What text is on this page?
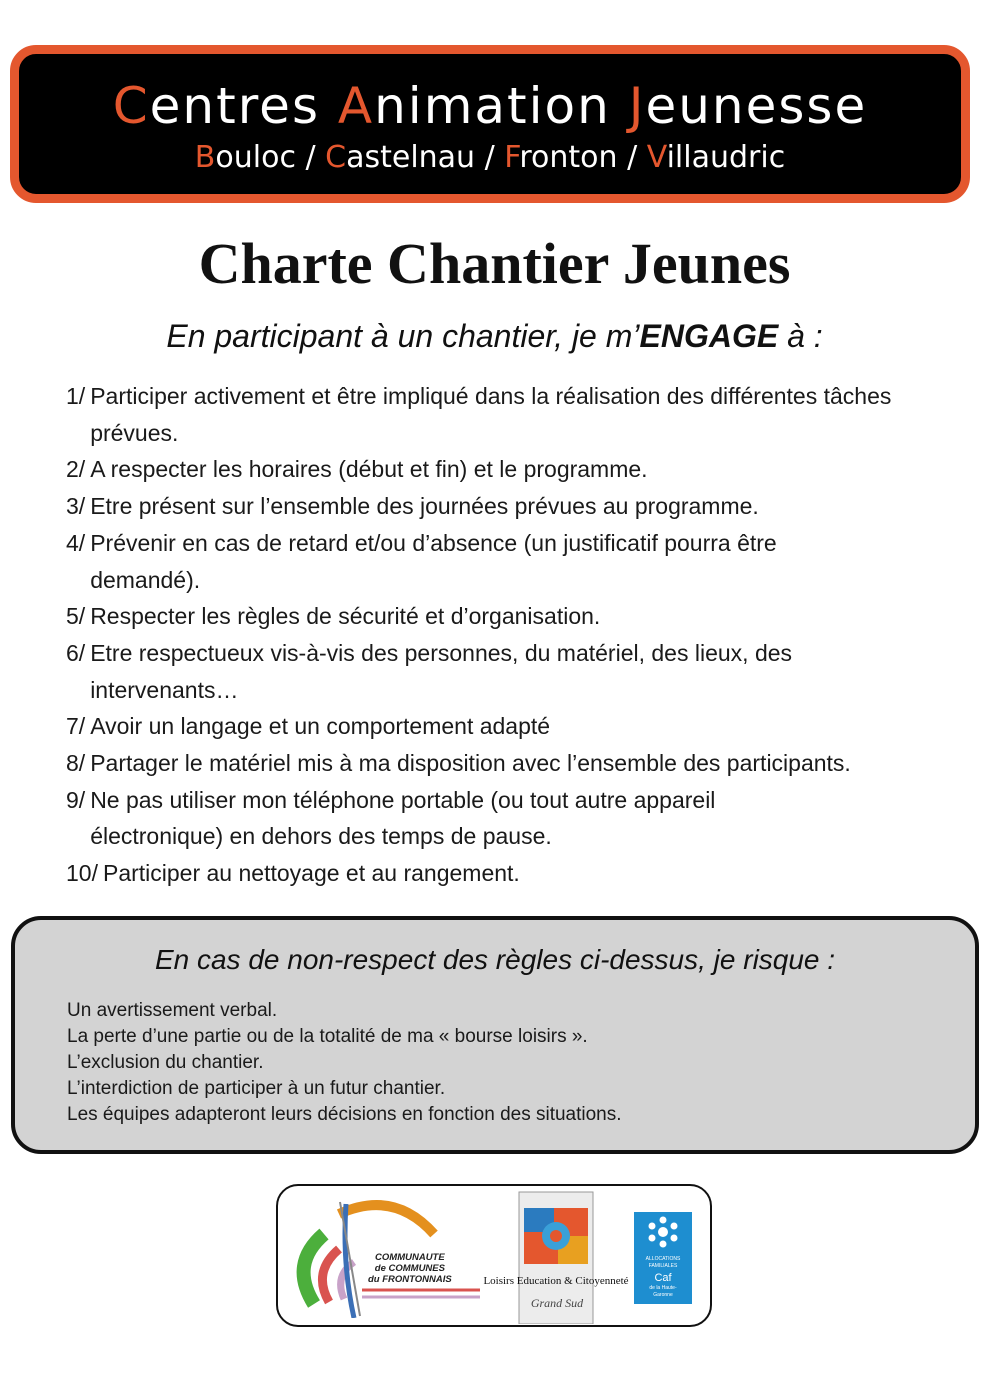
Centres Animation Jeunesse
Bouloc / Castelnau / Fronton / Villaudric
Charte Chantier Jeunes
En participant à un chantier, je m’ENGAGE à :
1/ Participer activement et être impliqué dans la réalisation des différentes tâches prévues.
2/ A respecter les horaires (début et fin) et le programme.
3/ Etre présent sur l’ensemble des journées prévues au programme.
4/ Prévenir en cas de retard et/ou d’absence (un justificatif pourra être demandé).
5/ Respecter les règles de sécurité et d’organisation.
6/ Etre respectueux vis-à-vis des personnes, du matériel, des lieux, des intervenants…
7/ Avoir un langage et un comportement adapté
8/ Partager le matériel mis à ma disposition avec l’ensemble des participants.
9/ Ne pas utiliser mon téléphone portable (ou tout autre appareil électronique) en dehors des temps de pause.
10/ Participer au nettoyage et au rangement.
En cas de non-respect des règles ci-dessus, je risque :
Un avertissement verbal.
La perte d’une partie ou de la totalité de ma « bourse loisirs ».
L’exclusion du chantier.
L’interdiction de participer à un futur chantier.
Les équipes adapteront leurs décisions en fonction des situations.
COMMUNAUTE
de COMMUNES
du FRONTONNAIS	Loisirs Education & Citoyenneté
Grand Sud
ALLOCATIONS
FAMILIALES
Caf
de la Haute-
Garonne
